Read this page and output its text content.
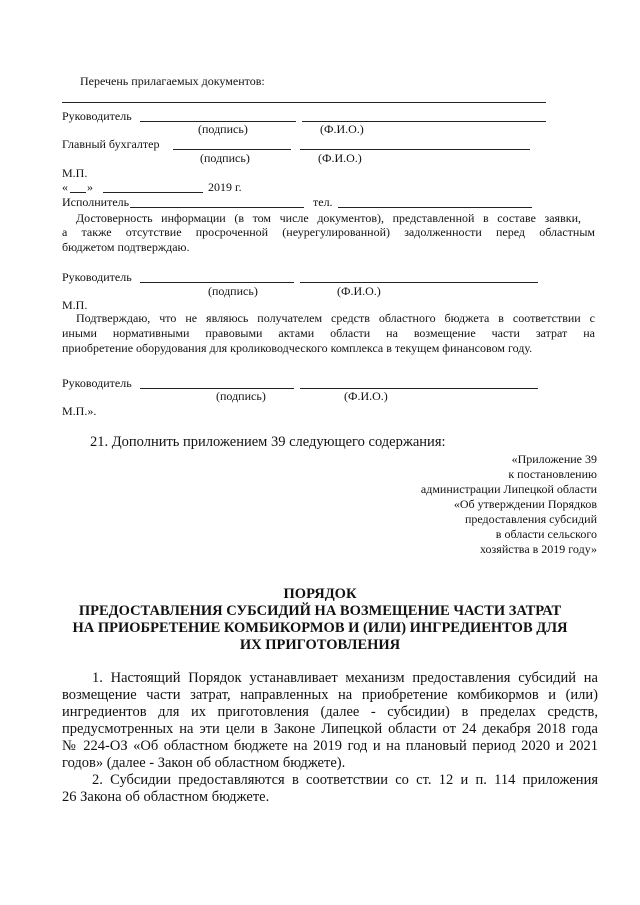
Перечень прилагаемых документов:
Руководитель
(подпись)	(Ф.И.О.)
Главный бухгалтер
(подпись)	(Ф.И.О.)
М.П.
« »	2019 г.
Исполнитель	тел.
Достоверность информации (в том числе документов), представленной в составе заявки,
а также отсутствие просроченной (неурегулированной) задолженности перед областным
бюджетом подтверждаю.
Руководитель
(подпись)	(Ф.И.О.)
М.П.
Подтверждаю, что не являюсь получателем средств областного бюджета в соответствии с
иными нормативными правовыми актами области на возмещение части затрат на
приобретение оборудования для кролиководческого комплекса в текущем финансовом году.
Руководитель
(подпись)	(Ф.И.О.)
М.П.».
21. Дополнить приложением 39 следующего содержания:
«Приложение 39
к постановлению
администрации Липецкой области
«Об утверждении Порядков
предоставления субсидий
в области сельского
хозяйства в 2019 году»
ПОРЯДОК
ПРЕДОСТАВЛЕНИЯ СУБСИДИЙ НА ВОЗМЕЩЕНИЕ ЧАСТИ ЗАТРАТ
НА ПРИОБРЕТЕНИЕ КОМБИКОРМОВ И (ИЛИ) ИНГРЕДИЕНТОВ ДЛЯ
ИХ ПРИГОТОВЛЕНИЯ
1. Настоящий Порядок устанавливает механизм предоставления субсидий на
возмещение части затрат, направленных на приобретение комбикормов и (или)
ингредиентов для их приготовления (далее - субсидии) в пределах средств,
предусмотренных на эти цели в Законе Липецкой области от 24 декабря 2018 года
№ 224-ОЗ «Об областном бюджете на 2019 год и на плановый период 2020 и 2021
годов» (далее - Закон об областном бюджете).
2. Субсидии предоставляются в соответствии со ст. 12 и п. 114 приложения
26 Закона об областном бюджете.
